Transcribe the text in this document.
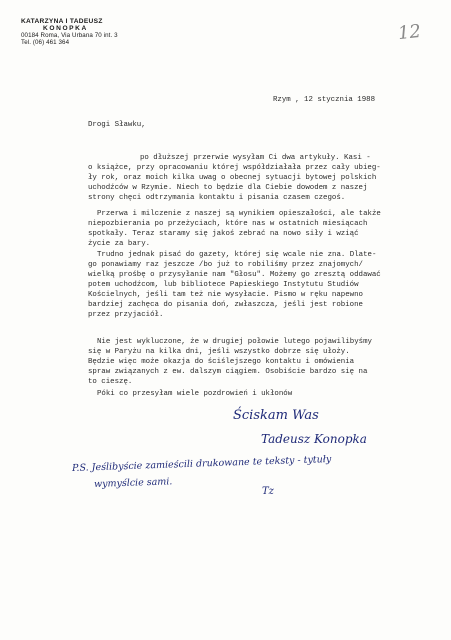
KATARZYNA I TADEUSZ
KONOPKA
00184 Roma, Via Urbana 70 int. 3
Tel. (06) 461 364	12
Rzym , 12 stycznia 1988
Drogi Sławku,
po dłuższej przerwie wysyłam Ci dwa artykuły. Kasi -
o książce, przy opracowaniu której współdziałała przez cały ubieg-
ły rok, oraz moich kilka uwag o obecnej sytuacji bytowej polskich
uchodźców w Rzymie. Niech to będzie dla Ciebie dowodem z naszej
strony chęci odtrzymania kontaktu i pisania czasem czegoś.
Przerwa i milczenie z naszej są wynikiem opieszałości, ale także
niepozbierania po przeżyciach, które nas w ostatnich miesiącach
spotkały. Teraz staramy się jakoś zebrać na nowo siły i wziąć
życie za bary.
Trudno jednak pisać do gazety, której się wcale nie zna. Dlate-
go ponawiamy raz jeszcze /bo już to robiliśmy przez znajomych/
wielką prośbę o przysyłanie nam "Głosu". Możemy go zresztą oddawać
potem uchodźcom, lub bibliotece Papieskiego Instytutu Studiów
Kościelnych, jeśli tam też nie wysyłacie. Pismo w ręku napewno
bardziej zachęca do pisania doń, zwłaszcza, jeśli jest robione
przez przyjaciół.
Nie jest wykluczone, że w drugiej połowie lutego pojawilibyśmy
się w Paryżu na kilka dni, jeśli wszystko dobrze się ułoży.
Będzie więc może okazja do ściślejszego kontaktu i omówienia
spraw związanych z ew. dalszym ciągiem. Osobiście bardzo się na
to cieszę.
Póki co przesyłam wiele pozdrowień i ukłonów
Ściskam Was
Tadeusz Konopka
P.S. Jeślibyście zamieścili drukowane te teksty - tytuły
wymyślcie sami.
Tz
